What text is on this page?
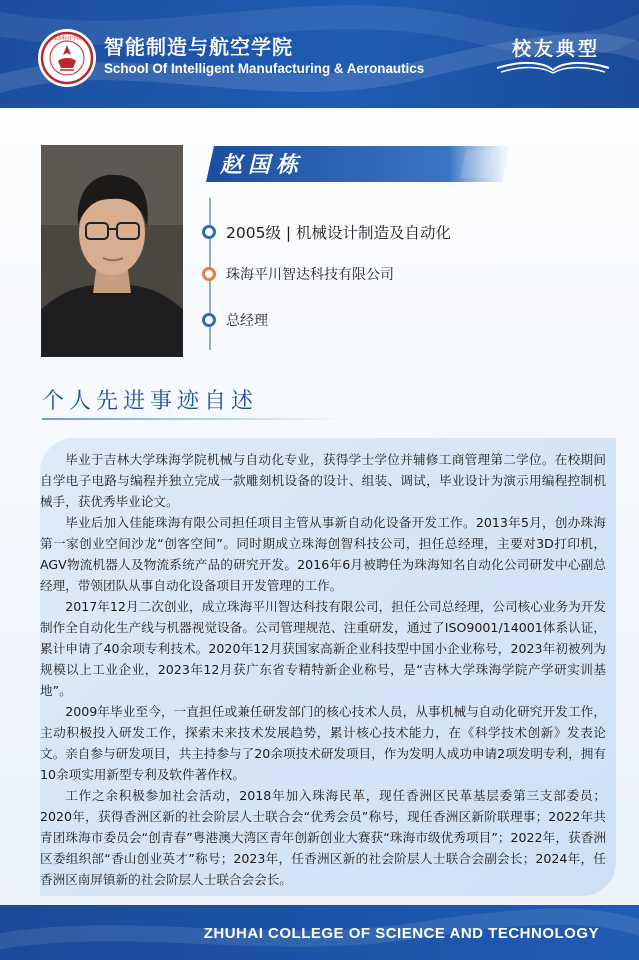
珠海科技学院 智能制造与航空学院
School Of Intelligent Manufacturing & Aeronautics
校友典型
赵国栋
2005级 | 机械设计制造及自动化
珠海平川智达科技有限公司
总经理
个人先进事迹自述

毕业于吉林大学珠海学院机械与自动化专业，获得学士学位并辅修工商管理第二学位。在校期间自学电子电路与编程并独立完成一款雕刻机设备的设计、组装、调试，毕业设计为演示用编程控制机械手，获优秀毕业论文。

毕业后加入佳能珠海有限公司担任项目主管从事新自动化设备开发工作。2013年5月，创办珠海第一家创业空间沙龙“创客空间”。同时期成立珠海创智科技公司，担任总经理，主要对3D打印机，AGV物流机器人及物流系统产品的研究开发。2016年6月被聘任为珠海知名自动化公司研发中心副总经理，带领团队从事自动化设备项目开发管理的工作。

2017年12月二次创业，成立珠海平川智达科技有限公司，担任公司总经理，公司核心业务为开发制作全自动化生产线与机器视觉设备。公司管理规范、注重研发，通过了ISO9001/14001体系认证，累计申请了40余项专利技术。2020年12月获国家高新企业科技型中国小企业称号，2023年初被列为规模以上工业企业，2023年12月获广东省专精特新企业称号，是“吉林大学珠海学院产学研实训基地”。

2009年毕业至今，一直担任或兼任研发部门的核心技术人员，从事机械与自动化研究开发工作，主动积极投入研发工作，探索未来技术发展趋势，累计核心技术能力，在《科学技术创新》发表论文。亲自参与研发项目，共主持参与了20余项技术研发项目，作为发明人成功申请2项发明专利，拥有10余项实用新型专利及软件著作权。

工作之余积极参加社会活动，2018年加入珠海民革，现任香洲区民革基层委第三支部委员；2020年，获得香洲区新的社会阶层人士联合会“优秀会员”称号，现任香洲区新阶联理事；2022年共青团珠海市委员会“创青春”粤港澳大湾区青年创新创业大赛获“珠海市级优秀项目”；2022年，获香洲区委组织部“香山创业英才”称号；2023年，任香洲区新的社会阶层人士联合会副会长；2024年，任香洲区南屏镇新的社会阶层人士联合会会长。

ZHUHAI COLLEGE OF SCIENCE AND TECHNOLOGY
